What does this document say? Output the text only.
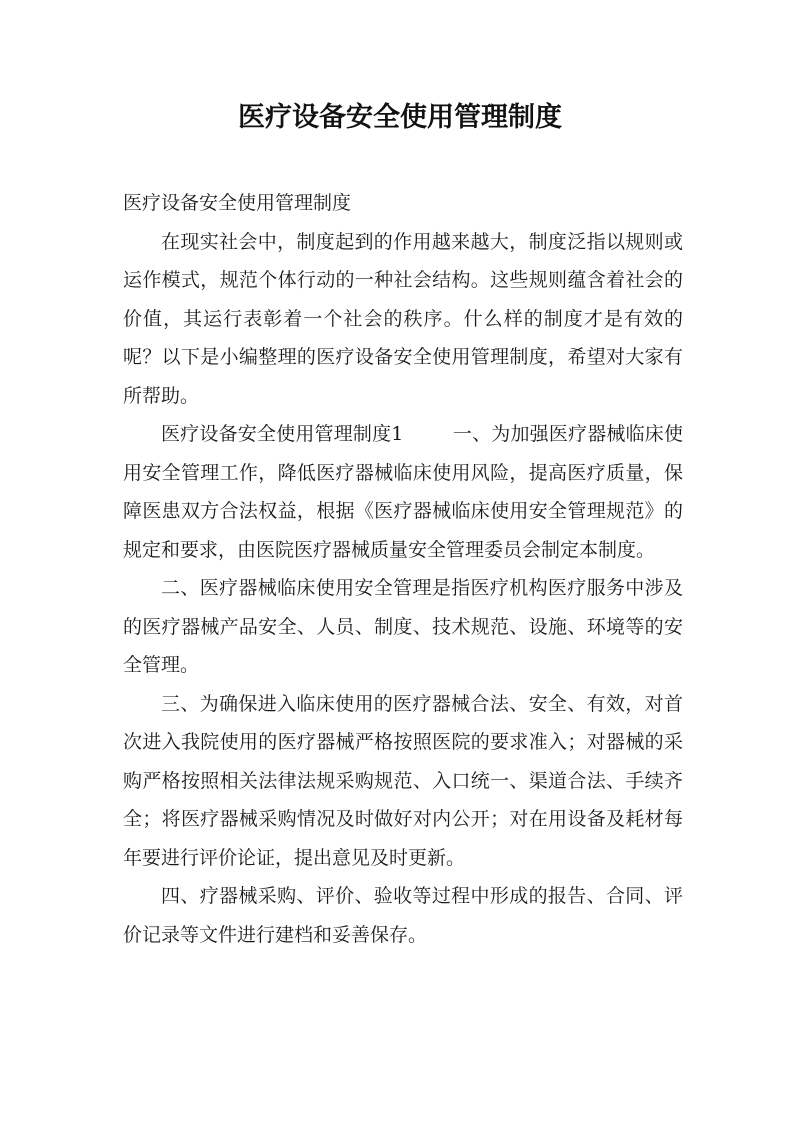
医疗设备安全使用管理制度

医疗设备安全使用管理制度

在现实社会中，制度起到的作用越来越大，制度泛指以规则或运作模式，规范个体行动的一种社会结构。这些规则蕴含着社会的价值，其运行表彰着一个社会的秩序。什么样的制度才是有效的呢？以下是小编整理的医疗设备安全使用管理制度，希望对大家有所帮助。

医疗设备安全使用管理制度1	一、为加强医疗器械临床使用安全管理工作，降低医疗器械临床使用风险，提高医疗质量，保障医患双方合法权益，根据《医疗器械临床使用安全管理规范》的规定和要求，由医院医疗器械质量安全管理委员会制定本制度。

二、医疗器械临床使用安全管理是指医疗机构医疗服务中涉及的医疗器械产品安全、人员、制度、技术规范、设施、环境等的安全管理。

三、为确保进入临床使用的医疗器械合法、安全、有效，对首次进入我院使用的医疗器械严格按照医院的要求准入；对器械的采购严格按照相关法律法规采购规范、入口统一、渠道合法、手续齐全；将医疗器械采购情况及时做好对内公开；对在用设备及耗材每年要进行评价论证，提出意见及时更新。

四、疗器械采购、评价、验收等过程中形成的报告、合同、评价记录等文件进行建档和妥善保存。
